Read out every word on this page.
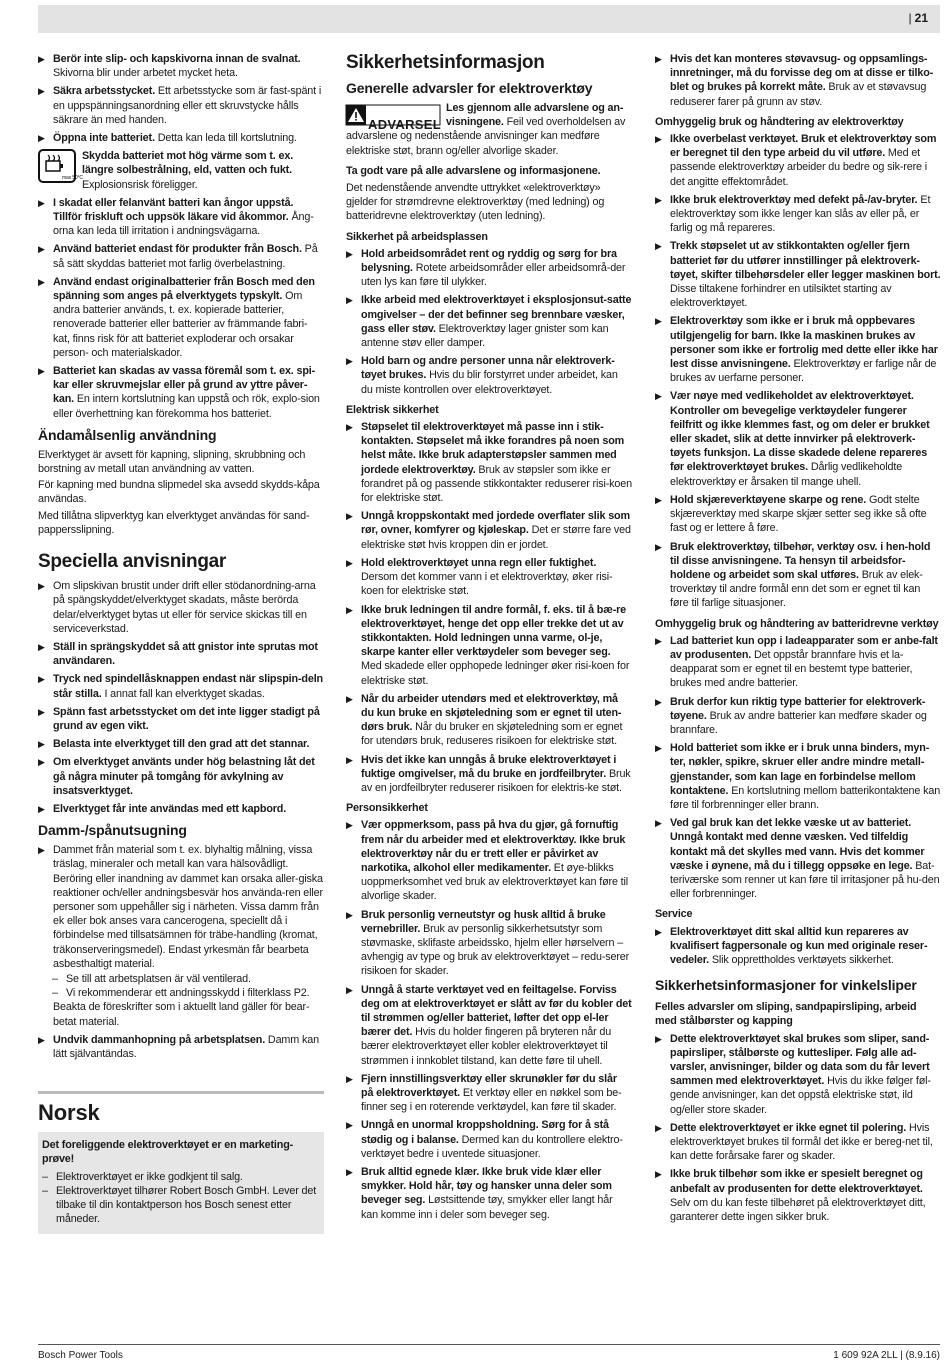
| 21
▶ Berör inte slip- och kapskivorna innan de svalnat. Skivorna blir under arbetet mycket heta.
▶ Säkra arbetsstycket. Ett arbetsstycke som är fast-spänt i en uppspänningsanordning eller ett skruvstycke hålls säkrare än med handen.
▶ Öppna inte batteriet. Detta kan leda till kortslutning.
max 50°C
Skydda batteriet mot hög värme som t. ex. längre solbestrålning, eld, vatten och fukt. Explosionsrisk föreligger.
▶ I skadat eller felanvänt batteri kan ångor uppstå. Tillför friskluft och uppsök läkare vid åkommor. Ång-orna kan leda till irritation i andningsvägarna.
▶ Använd batteriet endast för produkter från Bosch. På så sätt skyddas batteriet mot farlig överbelastning.
▶ Använd endast originalbatterier från Bosch med den spänning som anges på elverktygets typskylt. Om andra batterier används, t. ex. kopierade batterier, renoverade batterier eller batterier av främmande fabri-kat, finns risk för att batteriet exploderar och orsakar person- och materialskador.
▶ Batteriet kan skadas av vassa föremål som t. ex. spi-kar eller skruvmejslar eller på grund av yttre påver-kan. En intern kortslutning kan uppstå och rök, explo-sion eller överhettning kan förekomma hos batteriet.
Ändamålsenlig användning
Elverktyget är avsett för kapning, slipning, skrubbning och borstning av metall utan användning av vatten.
För kapning med bundna slipmedel ska avsedd skydds-kåpa användas.
Med tillåtna slipverktyg kan elverktyget användas för sand-pappersslipning.
Speciella anvisningar
▶ Om slipskivan brustit under drift eller stödanordning-arna på spängskyddet/elverktyget skadats, måste berörda delar/elverktyget bytas ut eller för service skickas till en serviceverkstad.
▶ Ställ in sprängskyddet så att gnistor inte sprutas mot användaren.
▶ Tryck ned spindellåsknappen endast när slipspin-deln står stilla. I annat fall kan elverktyget skadas.
▶ Spänn fast arbetsstycket om det inte ligger stadigt på grund av egen vikt.
▶ Belasta inte elverktyget till den grad att det stannar.
▶ Om elverktyget använts under hög belastning låt det gå några minuter på tomgång för avkylning av insatsverktyget.
▶ Elverktyget får inte användas med ett kapbord.
Damm-/spånutsugning
▶ Dammet från material som t. ex. blyhaltig målning, vissa träslag, mineraler och metall kan vara hälsovådligt. Beröring eller inandning av dammet kan orsaka aller-giska reaktioner och/eller andningsbesvär hos använda-ren eller personer som uppehåller sig i närheten. Vissa damm från ek eller bok anses vara cancerogena, speciellt då i förbindelse med tillsatsämnen för träbe-handling (kromat, träkonserveringsmedel). Endast yrkesmän får bearbeta asbesthaltigt material.
– Se till att arbetsplatsen är väl ventilerad.
– Vi rekommenderar ett andningsskydd i filterklass P2.
Beakta de föreskrifter som i aktuellt land gäller för bear-betat material.
▶ Undvik dammanhopning på arbetsplatsen. Damm kan lätt självantändas.
Norsk
Det foreliggende elektroverktøyet er en marketing-prøve!
– Elektroverktøyet er ikke godkjent til salg.
– Elektroverktøyet tilhører Robert Bosch GmbH. Lever det tilbake til din kontaktperson hos Bosch senest etter måneder.
Sikkerhetsinformasjon
Generelle advarsler for elektroverktøy
ADVARSEL
Les gjennom alle advarslene og an-visningene. Feil ved overholdelsen av advarslene og nedenstående anvisninger kan medføre elektriske støt, brann og/eller alvorlige skader.
Ta godt vare på alle advarslene og informasjonene.
Det nedenstående anvendte uttrykket «elektroverktøy» gjelder for strømdrevne elektroverktøy (med ledning) og batteridrevne elektroverktøy (uten ledning).
Sikkerhet på arbeidsplassen
▶ Hold arbeidsområdet rent og ryddig og sørg for bra belysning. Rotete arbeidsområder eller arbeidsområ-der uten lys kan føre til ulykker.
▶ Ikke arbeid med elektroverktøyet i eksplosjonsut-satte omgivelser – der det befinner seg brennbare væsker, gass eller støv. Elektroverktøy lager gnister som kan antenne støv eller damper.
▶ Hold barn og andre personer unna når elektroverk-tøyet brukes. Hvis du blir forstyrret under arbeidet, kan du miste kontrollen over elektroverktøyet.
Elektrisk sikkerhet
▶ Støpselet til elektroverktøyet må passe inn i stik-kontakten. Støpselet må ikke forandres på noen som helst måte. Ikke bruk adapterstøpsler sammen med jordede elektroverktøy. Bruk av støpsler som ikke er forandret på og passende stikkontakter reduserer risi-koen for elektriske støt.
▶ Unngå kroppskontakt med jordede overflater slik som rør, ovner, komfyrer og kjøleskap. Det er større fare ved elektriske støt hvis kroppen din er jordet.
▶ Hold elektroverktøyet unna regn eller fuktighet. Dersom det kommer vann i et elektroverktøy, øker risi-koen for elektriske støt.
▶ Ikke bruk ledningen til andre formål, f. eks. til å bæ-re elektroverktøyet, henge det opp eller trekke det ut av stikkontakten. Hold ledningen unna varme, ol-je, skarpe kanter eller verktøydeler som beveger seg. Med skadede eller opphopede ledninger øker risi-koen for elektriske støt.
▶ Når du arbeider utendørs med et elektroverktøy, må du kun bruke en skjøteledning som er egnet til uten-dørs bruk. Når du bruker en skjøteledning som er egnet for utendørs bruk, reduseres risikoen for elektriske støt.
▶ Hvis det ikke kan unngås å bruke elektroverktøyet i fuktige omgivelser, må du bruke en jordfeilbryter. Bruk av en jordfeilbryter reduserer risikoen for elektris-ke støt.
Personsikkerhet
▶ Vær oppmerksom, pass på hva du gjør, gå fornuftig frem når du arbeider med et elektroverktøy. Ikke bruk elektroverktøy når du er trett eller er påvirket av narkotika, alkohol eller medikamenter. Et øye-blikks uoppmerksomhet ved bruk av elektroverktøyet kan føre til alvorlige skader.
▶ Bruk personlig verneutstyr og husk alltid å bruke vernebriller. Bruk av personlig sikkerhetsutstyr som støvmaske, sklifaste arbeidssko, hjelm eller hørselvern – avhengig av type og bruk av elektroverktøyet – redu-serer risikoen for skader.
▶ Unngå å starte verktøyet ved en feiltagelse. Forviss deg om at elektroverktøyet er slått av før du kobler det til strømmen og/eller batteriet, løfter det opp el-ler bærer det. Hvis du holder fingeren på bryteren når du bærer elektroverktøyet eller kobler elektroverktøyet til strømmen i innkoblet tilstand, kan dette føre til uhell.
▶ Fjern innstillingsverktøy eller skrunøkler før du slår på elektroverktøyet. Et verktøy eller en nøkkel som be-finner seg i en roterende verktøydel, kan føre til skader.
▶ Unngå en unormal kroppsholdning. Sørg for å stå stødig og i balanse. Dermed kan du kontrollere elektro-verktøyet bedre i uventede situasjoner.
▶ Bruk alltid egnede klær. Ikke bruk vide klær eller smykker. Hold hår, tøy og hansker unna deler som beveger seg. Løstsittende tøy, smykker eller langt hår kan komme inn i deler som beveger seg.
▶ Hvis det kan monteres støvavsug- og oppsamlings-innretninger, må du forvisse deg om at disse er tilko-blet og brukes på korrekt måte. Bruk av et støvavsug reduserer farer på grunn av støv.
Omhyggelig bruk og håndtering av elektroverktøy
▶ Ikke overbelast verktøyet. Bruk et elektroverktøy som er beregnet til den type arbeid du vil utføre. Med et passende elektroverktøy arbeider du bedre og sik-rere i det angitte effektområdet.
▶ Ikke bruk elektroverktøy med defekt på-/av-bryter. Et elektroverktøy som ikke lenger kan slås av eller på, er farlig og må repareres.
▶ Trekk støpselet ut av stikkontakten og/eller fjern batteriet før du utfører innstillinger på elektroverk-tøyet, skifter tilbehørsdeler eller legger maskinen bort. Disse tiltakene forhindrer en utilsiktet starting av elektroverktøyet.
▶ Elektroverktøy som ikke er i bruk må oppbevares utilgjengelig for barn. Ikke la maskinen brukes av personer som ikke er fortrolig med dette eller ikke har lest disse anvisningene. Elektroverktøy er farlige når de brukes av uerfarne personer.
▶ Vær nøye med vedlikeholdet av elektroverktøyet. Kontroller om bevegelige verktøydeler fungerer feilfritt og ikke klemmes fast, og om deler er brukket eller skadet, slik at dette innvirker på elektroverk-tøyets funksjon. La disse skadede delene repareres før elektroverktøyet brukes. Dårlig vedlikeholdte elektroverktøy er årsaken til mange uhell.
▶ Hold skjæreverktøyene skarpe og rene. Godt stelte skjæreverktøy med skarpe skjær setter seg ikke så ofte fast og er lettere å føre.
▶ Bruk elektroverktøy, tilbehør, verktøy osv. i hen-hold til disse anvisningene. Ta hensyn til arbeidsfor-holdene og arbeidet som skal utføres. Bruk av elek-troverktøy til andre formål enn det som er egnet til kan føre til farlige situasjoner.
Omhyggelig bruk og håndtering av batteridrevne verktøy
▶ Lad batteriet kun opp i ladeapparater som er anbe-falt av produsenten. Det oppstår brannfare hvis et la-deapparat som er egnet til en bestemt type batterier, brukes med andre batterier.
▶ Bruk derfor kun riktig type batterier for elektroverk-tøyene. Bruk av andre batterier kan medføre skader og brannfare.
▶ Hold batteriet som ikke er i bruk unna binders, myn-ter, nøkler, spikre, skruer eller andre mindre metall-gjenstander, som kan lage en forbindelse mellom kontaktene. En kortslutning mellom batterikontaktene kan føre til forbrenninger eller brann.
▶ Ved gal bruk kan det lekke væske ut av batteriet. Unngå kontakt med denne væsken. Ved tilfeldig kontakt må det skylles med vann. Hvis det kommer væske i øynene, må du i tillegg oppsøke en lege. Bat-teriværske som renner ut kan føre til irritasjoner på hu-den eller forbrenninger.
Service
▶ Elektroverktøyet ditt skal alltid kun repareres av kvalifisert fagpersonale og kun med originale reser-vedeler. Slik opprettholdes verktøyets sikkerhet.
Sikkerhetsinformasjoner for vinkelsliper
Felles advarsler om sliping, sandpapirsliping, arbeid med stålbørster og kapping
▶ Dette elektroverktøyet skal brukes som sliper, sand-papirsliper, stålbørste og kuttesliper. Følg alle ad-varsler, anvisninger, bilder og data som du får levert sammen med elektroverktøyet. Hvis du ikke følger føl-gende anvisninger, kan det oppstå elektriske støt, ild og/eller store skader.
▶ Dette elektroverktøyet er ikke egnet til polering. Hvis elektroverktøyet brukes til formål det ikke er bereg-net til, kan dette forårsake farer og skader.
▶ Ikke bruk tilbehør som ikke er spesielt beregnet og anbefalt av produsenten for dette elektroverktøyet. Selv om du kan feste tilbehøret på elektroverktøyet ditt, garanterer dette ingen sikker bruk.
Bosch Power Tools	1 609 92A 2LL | (8.9.16)
